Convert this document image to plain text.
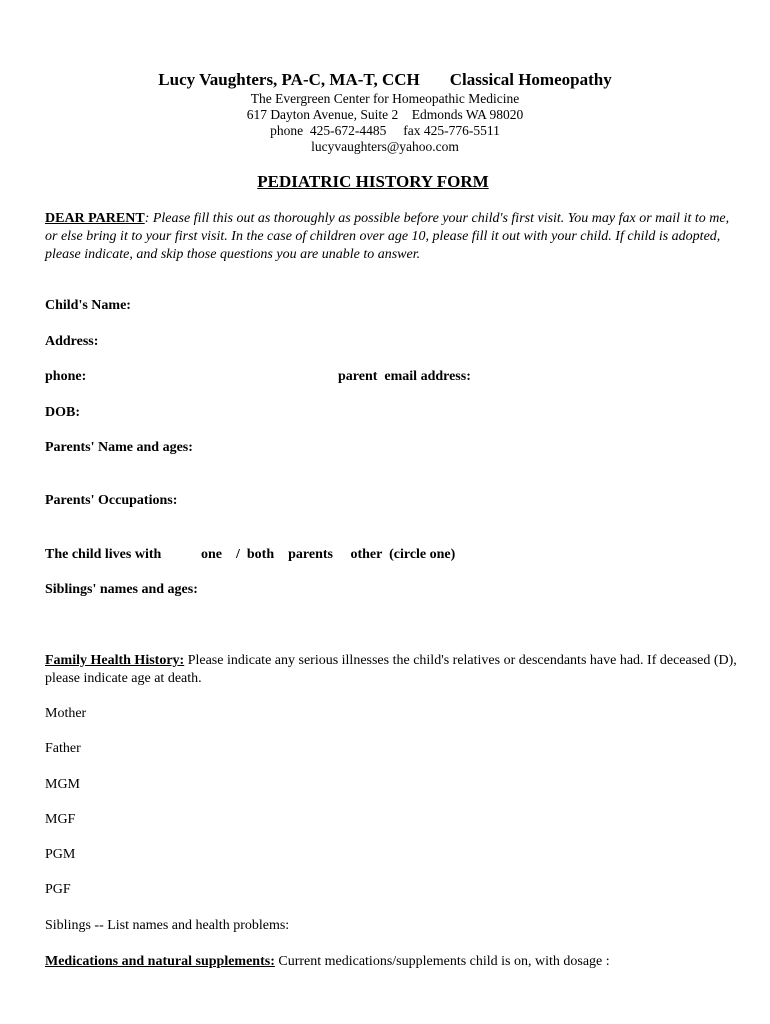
Lucy Vaughters, PA-C, MA-T, CCH Classical Homeopathy
The Evergreen Center for Homeopathic Medicine
617 Dayton Avenue, Suite 2    Edmonds WA 98020
phone  425-672-4485     fax 425-776-5511
lucyvaughters@yahoo.com
PEDIATRIC HISTORY FORM
DEAR PARENT: Please fill this out as thoroughly as possible before your child's first visit. You may fax or mail it to me, or else bring it to your first visit. In the case of children over age 10, please fill it out with your child. If child is adopted, please indicate, and skip those questions you are unable to answer.
Child's Name:
Address:
phone:	parent  email address:
DOB:
Parents' Name and ages:
Parents' Occupations:
The child lives with	one    /  both    parents     other  (circle one)
Siblings' names and ages:
Family Health History: Please indicate any serious illnesses the child's relatives or descendants have had. If deceased (D), please indicate age at death.
Mother
Father
MGM
MGF
PGM
PGF
Siblings -- List names and health problems:
Medications and natural supplements: Current medications/supplements child is on, with dosage :
